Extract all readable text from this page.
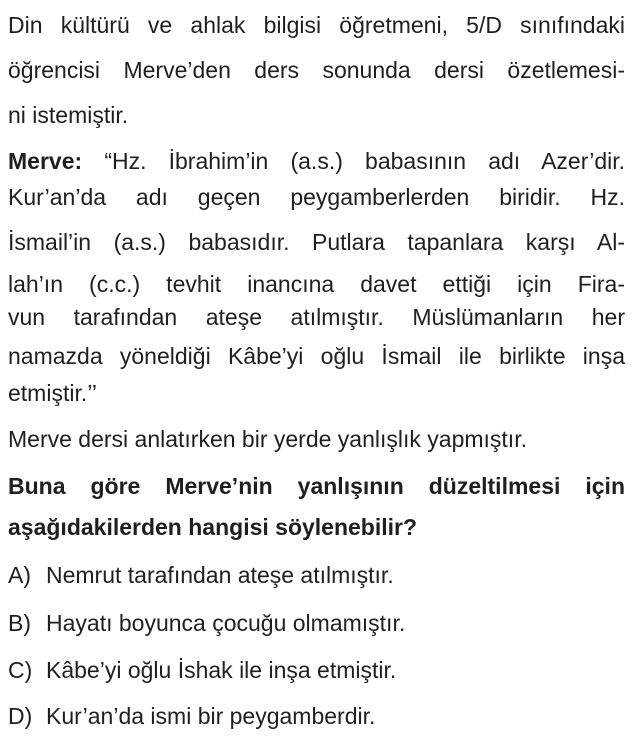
Din kültürü ve ahlak bilgisi öğretmeni, 5/D sınıfındaki
öğrencisi Merve’den ders sonunda dersi özetlemesi-
ni istemiştir.
Merve: “Hz. İbrahim’in (a.s.) babasının adı Azer’dir.
Kur’an’da adı geçen peygamberlerden biridir. Hz.
İsmail’in (a.s.) babasıdır. Putlara tapanlara karşı Al-
lah’ın (c.c.) tevhit inancına davet ettiği için Fira-
vun tarafından ateşe atılmıştır. Müslümanların her
namazda yöneldiği Kâbe’yi oğlu İsmail ile birlikte inşa
etmiştir.’’
Merve dersi anlatırken bir yerde yanlışlık yapmıştır.
Buna göre Merve’nin yanlışının düzeltilmesi için
aşağıdakilerden hangisi söylenebilir?
A) Nemrut tarafından ateşe atılmıştır.
B) Hayatı boyunca çocuğu olmamıştır.
C) Kâbe’yi oğlu İshak ile inşa etmiştir.
D) Kur’an’da ismi bir peygamberdir.
